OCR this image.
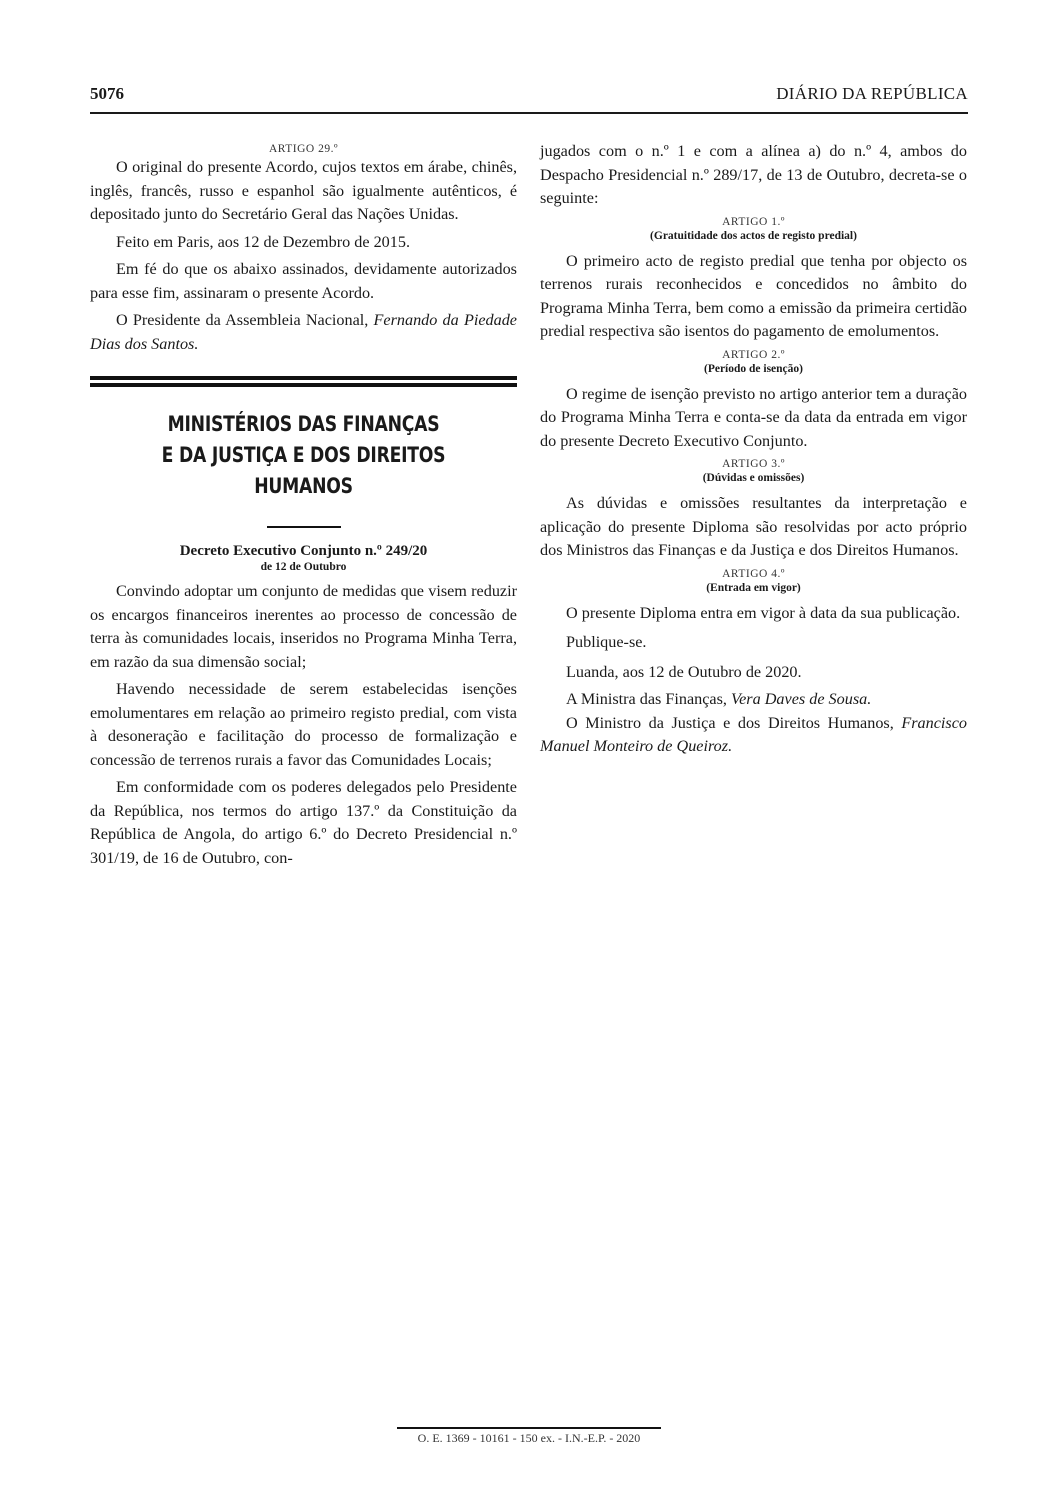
5076	DIÁRIO DA REPÚBLICA
ARTIGO 29.º

O original do presente Acordo, cujos textos em árabe, chinês, inglês, francês, russo e espanhol são igualmente autênticos, é depositado junto do Secretário Geral das Nações Unidas.

Feito em Paris, aos 12 de Dezembro de 2015.

Em fé do que os abaixo assinados, devidamente autorizados para esse fim, assinaram o presente Acordo.

O Presidente da Assembleia Nacional, Fernando da Piedade Dias dos Santos.

MINISTÉRIOS DAS FINANÇAS
E DA JUSTIÇA E DOS DIREITOS HUMANOS
Decreto Executivo Conjunto n.º 249/20
de 12 de Outubro

Convindo adoptar um conjunto de medidas que visem reduzir os encargos financeiros inerentes ao processo de concessão de terra às comunidades locais, inseridos no Programa Minha Terra, em razão da sua dimensão social;

Havendo necessidade de serem estabelecidas isenções emolumentares em relação ao primeiro registo predial, com vista à desoneração e facilitação do processo de formalização e concessão de terrenos rurais a favor das Comunidades Locais;

Em conformidade com os poderes delegados pelo Presidente da República, nos termos do artigo 137.º da Constituição da República de Angola, do artigo 6.º do Decreto Presidencial n.º 301/19, de 16 de Outubro, con-

jugados com o n.º 1 e com a alínea a) do n.º 4, ambos do Despacho Presidencial n.º 289/17, de 13 de Outubro, decreta-se o seguinte:

ARTIGO 1.º
(Gratuitidade dos actos de registo predial)

O primeiro acto de registo predial que tenha por objecto os terrenos rurais reconhecidos e concedidos no âmbito do Programa Minha Terra, bem como a emissão da primeira certidão predial respectiva são isentos do pagamento de emolumentos.

ARTIGO 2.º
(Período de isenção)

O regime de isenção previsto no artigo anterior tem a duração do Programa Minha Terra e conta-se da data da entrada em vigor do presente Decreto Executivo Conjunto.

ARTIGO 3.º
(Dúvidas e omissões)

As dúvidas e omissões resultantes da interpretação e aplicação do presente Diploma são resolvidas por acto próprio dos Ministros das Finanças e da Justiça e dos Direitos Humanos.

ARTIGO 4.º
(Entrada em vigor)

O presente Diploma entra em vigor à data da sua publicação.

Publique-se.

Luanda, aos 12 de Outubro de 2020.

A Ministra das Finanças, Vera Daves de Sousa.

O Ministro da Justiça e dos Direitos Humanos, Francisco Manuel Monteiro de Queiroz.

O. E. 1369 - 10161 - 150 ex. - I.N.-E.P. - 2020
